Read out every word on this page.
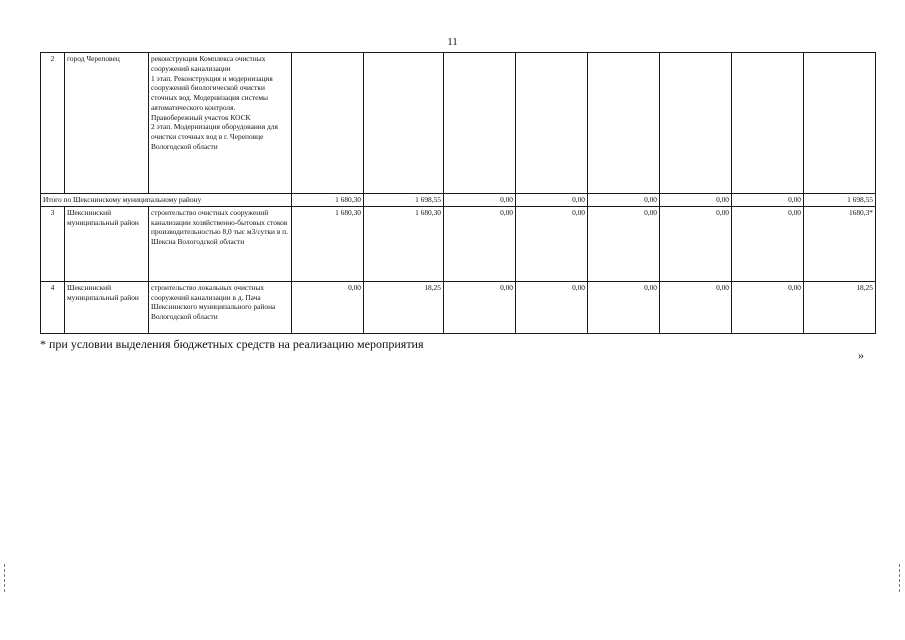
11
2	город Череповец	реконструкция Комплекса очистных сооружений канализации
1 этап. Реконструкция и модернизация сооружений биологической очистки сточных вод. Модернизация системы автоматического контроля.
Правобережный участок КОСК
2 этап. Модернизация оборудования для очистки сточных вод в г. Череповце Вологодской области								
Итого по Шекснинскому муниципальному району			1 680,30	1 698,55	0,00	0,00	0,00	0,00	0,00	1 698,55
3	Шекснинский муниципальный район	строительство очистных сооружений канализации хозяйственно-бытовых стоков производительностью 8,0 тыс м3/сутки в п. Шексна Вологодской области	1 680,30	1 680,30	0,00	0,00	0,00	0,00	0,00	1680,3*
4	Шекснинский муниципальный район	строительство локальных очистных сооружений канализации в д. Пача Шекснинского муниципального района Вологодской области	0,00	18,25	0,00	0,00	0,00	0,00	0,00	18,25
* при условии выделения бюджетных средств на реализацию мероприятия
»
